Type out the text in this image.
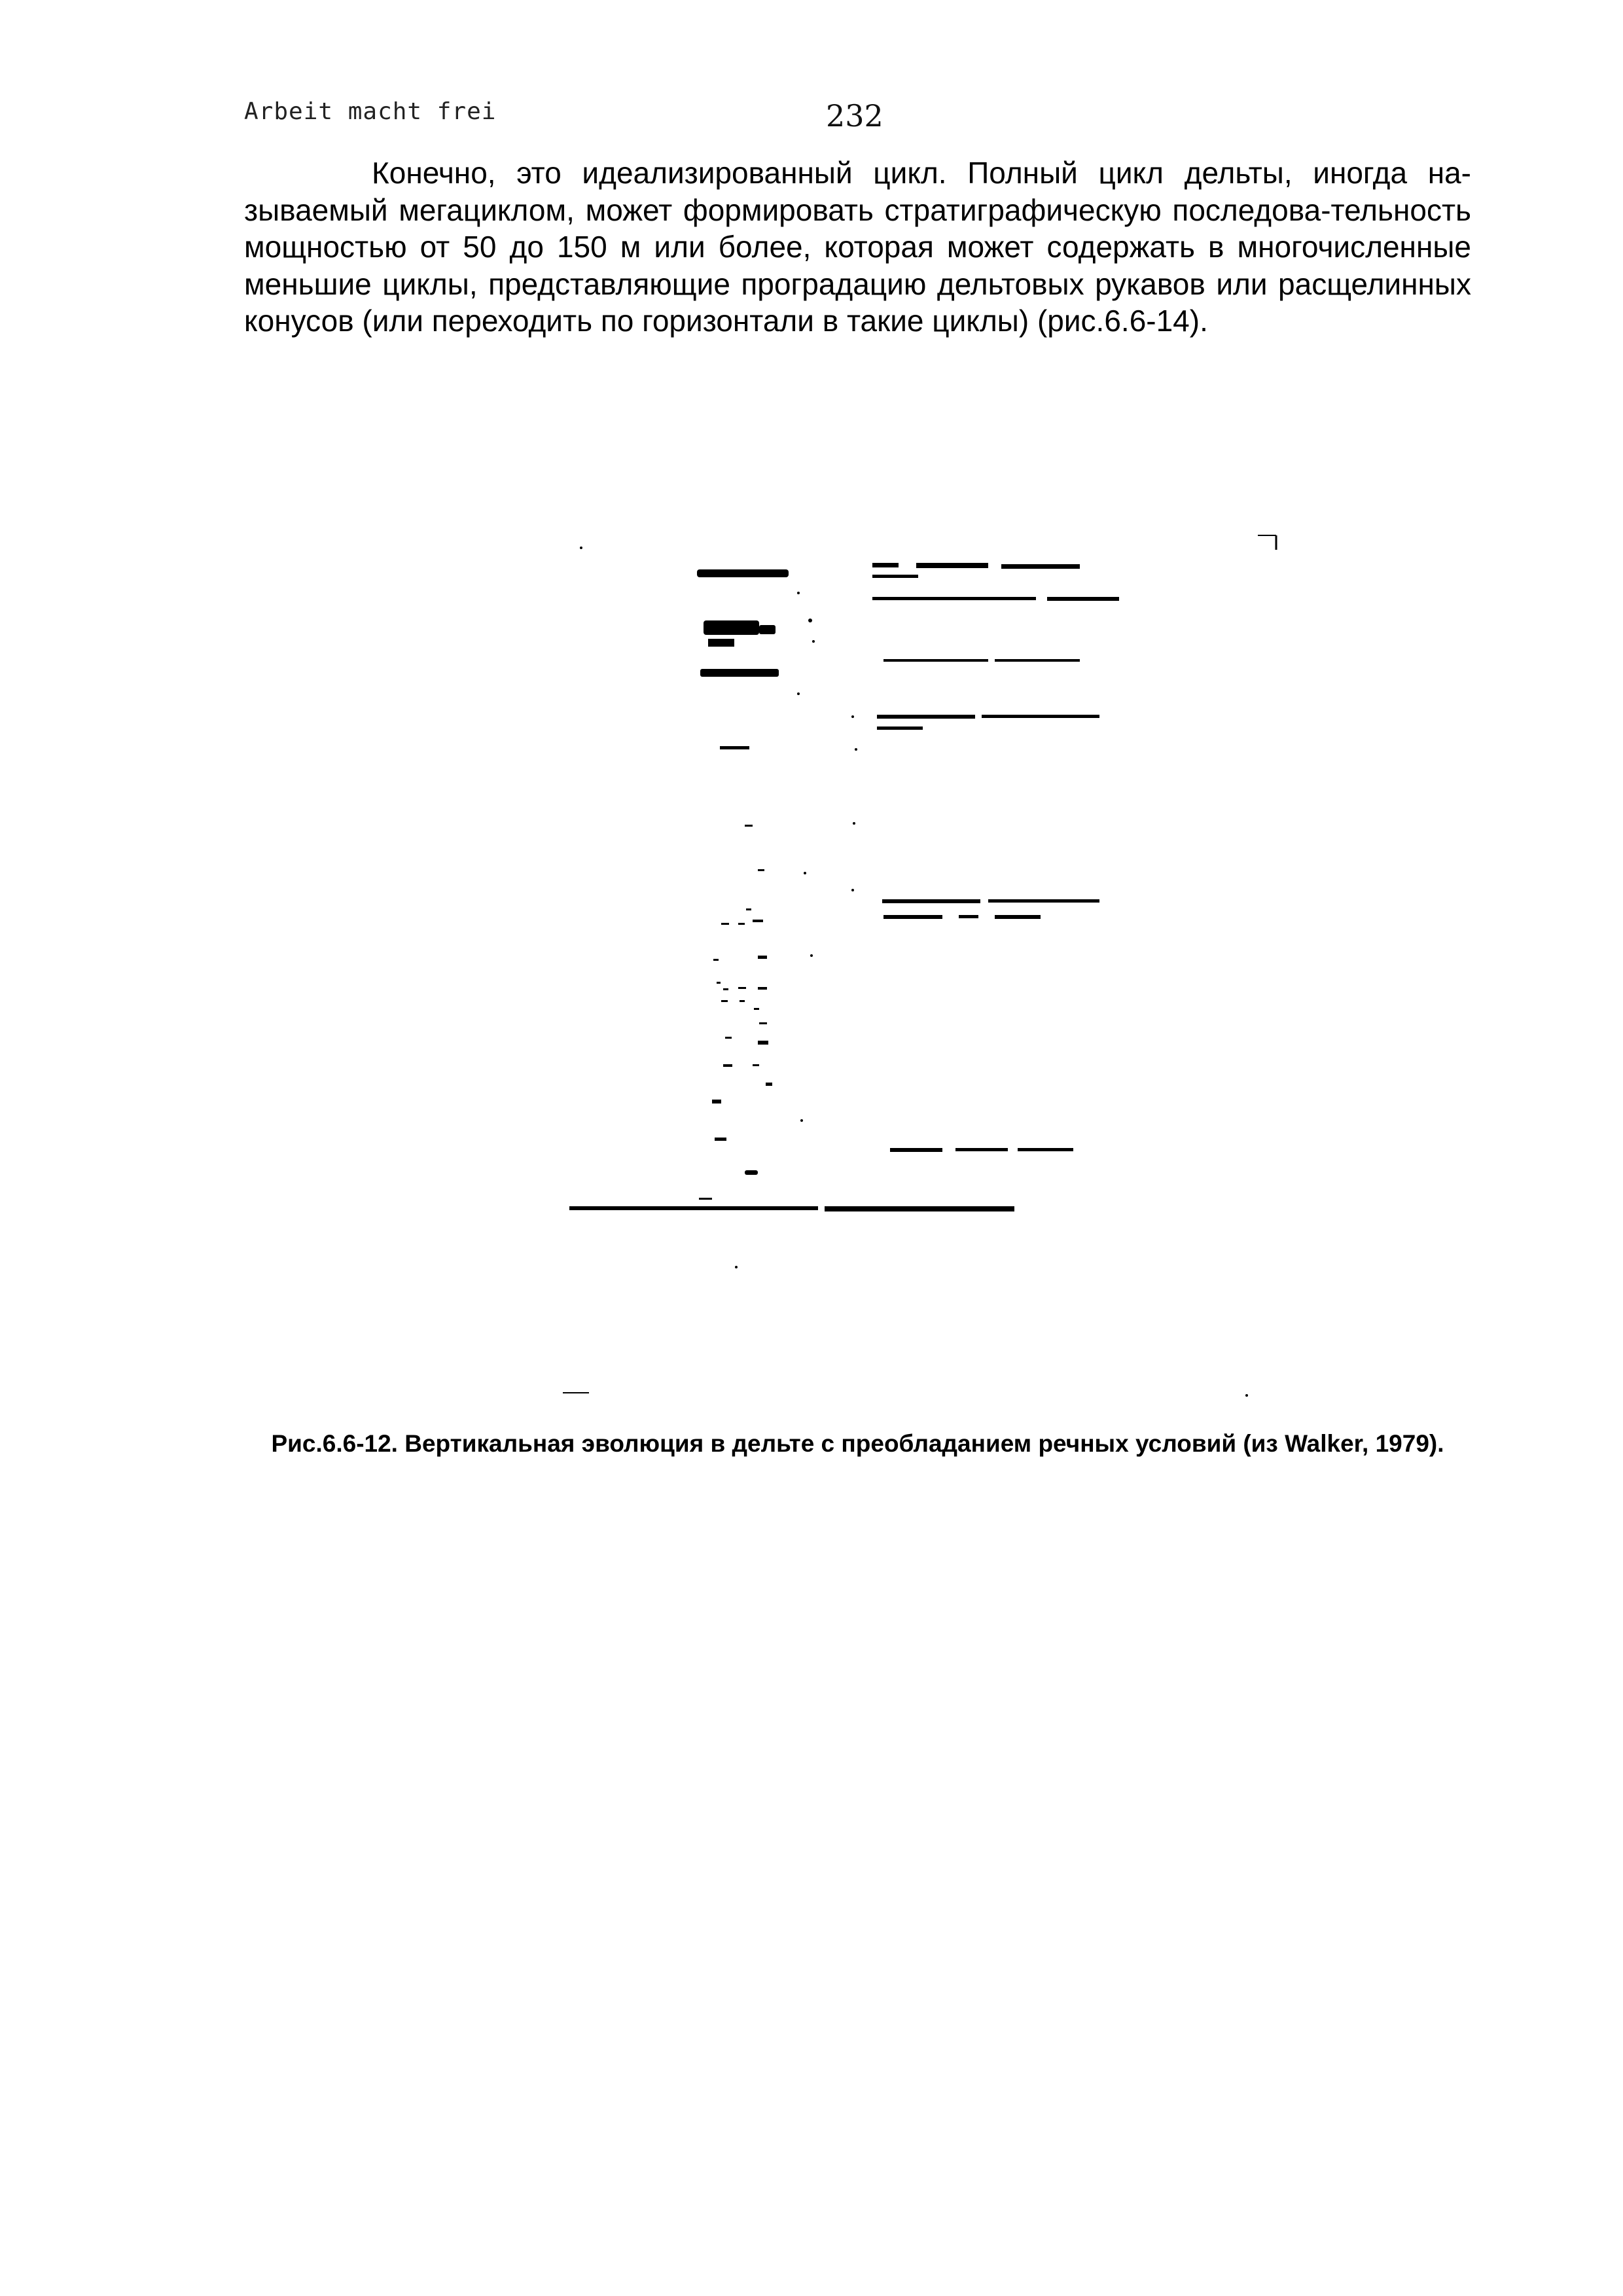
Arbeit macht frei	232

Конечно, это идеализированный цикл. Полный цикл дельты, иногда на-зываемый мегациклом, может формировать стратиграфическую последова-тельность мощностью от 50 до 150 м или более, которая может содержать в многочисленные меньшие циклы, представляющие проградацию дельтовых рукавов или расщелинных конусов (или переходить по горизонтали в такие циклы) (рис.6.6-14).

Рис.6.6-12. Вертикальная эволюция в дельте с преобладанием речных условий (из Walker, 1979).
